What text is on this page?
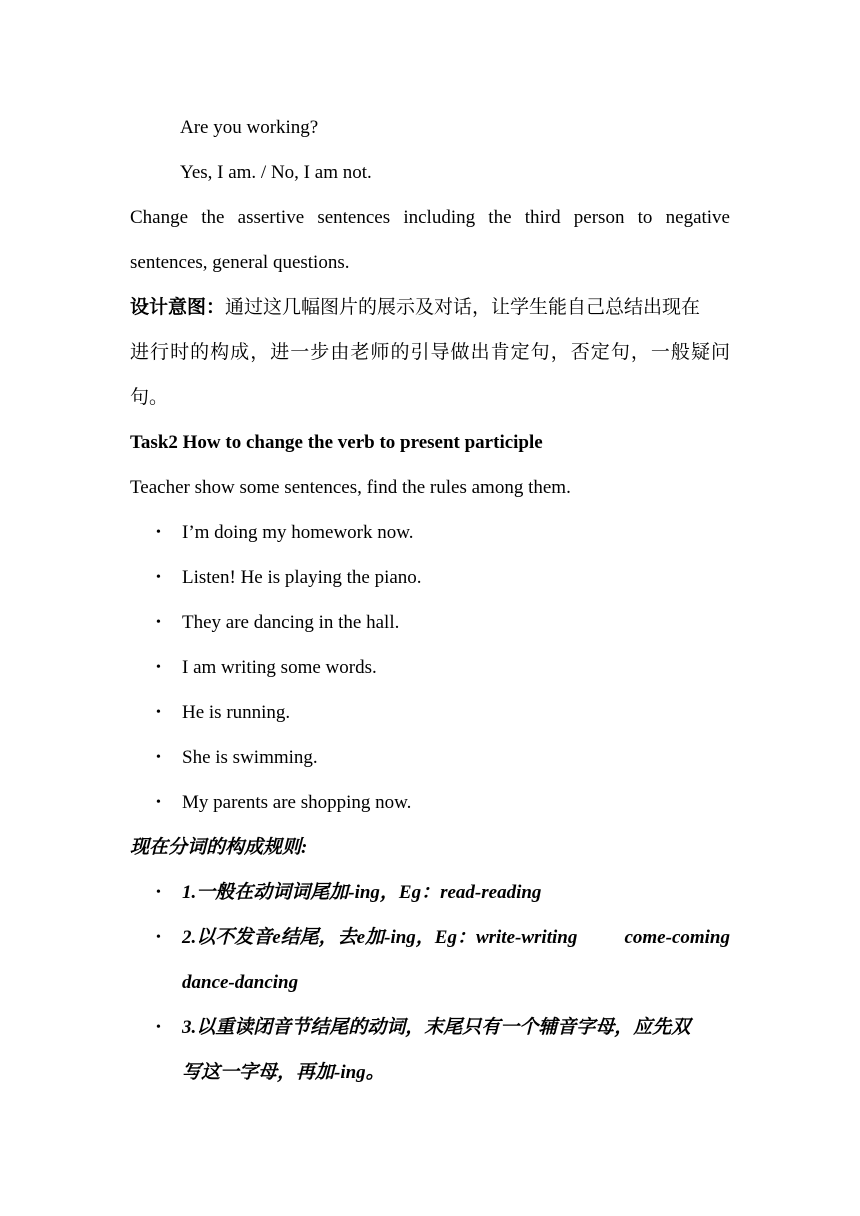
Are you working?
Yes, I am. / No, I am not.
Change the assertive sentences including the third person to negative
sentences, general questions.
设计意图：通过这几幅图片的展示及对话，让学生能自己总结出现在
进行时的构成，进一步由老师的引导做出肯定句，否定句，一般疑问
句。
Task2 How to change the verb to present participle
Teacher show some sentences, find the rules among them.
• I’m doing my homework now.
• Listen! He is playing the piano.
• They are dancing in the hall.
• I am writing some words.
• He is running.
• She is swimming.
• My parents are shopping now.
现在分词的构成规则:
• 1.一般在动词词尾加-ing，Eg：read-reading
• 2.以不发音e结尾，去e加-ing，Eg：write-writing come-coming
dance-dancing
• 3.以重读闭音节结尾的动词，末尾只有一个辅音字母，应先双
写这一字母，再加-ing。
